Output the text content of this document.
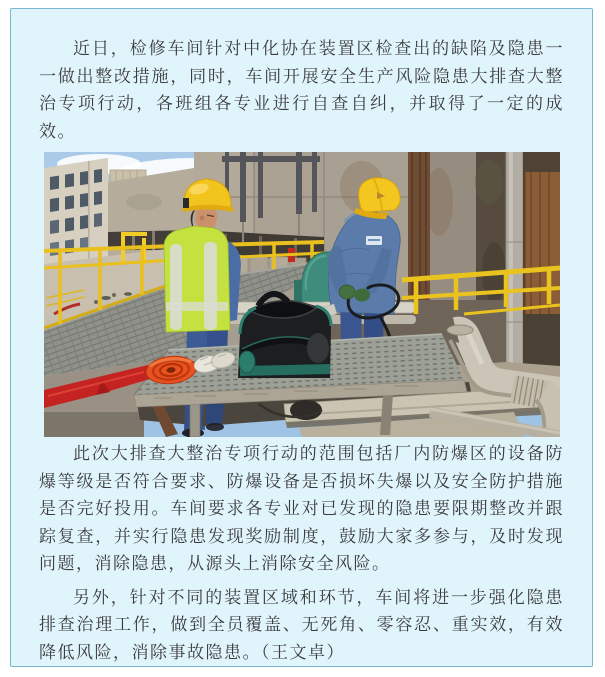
近日，检修车间针对中化协在装置区检查出的缺陷及隐患一一做出整改措施，同时，车间开展安全生产风险隐患大排查大整治专项行动，各班组各专业进行自查自纠，并取得了一定的成效。

此次大排查大整治专项行动的范围包括厂内防爆区的设备防爆等级是否符合要求、防爆设备是否损坏失爆以及安全防护措施是否完好投用。车间要求各专业对已发现的隐患要限期整改并跟踪复查，并实行隐患发现奖励制度，鼓励大家多参与，及时发现问题，消除隐患，从源头上消除安全风险。

另外，针对不同的装置区域和环节，车间将进一步强化隐患排查治理工作，做到全员覆盖、无死角、零容忍、重实效，有效降低风险，消除事故隐患。（王文卓）
